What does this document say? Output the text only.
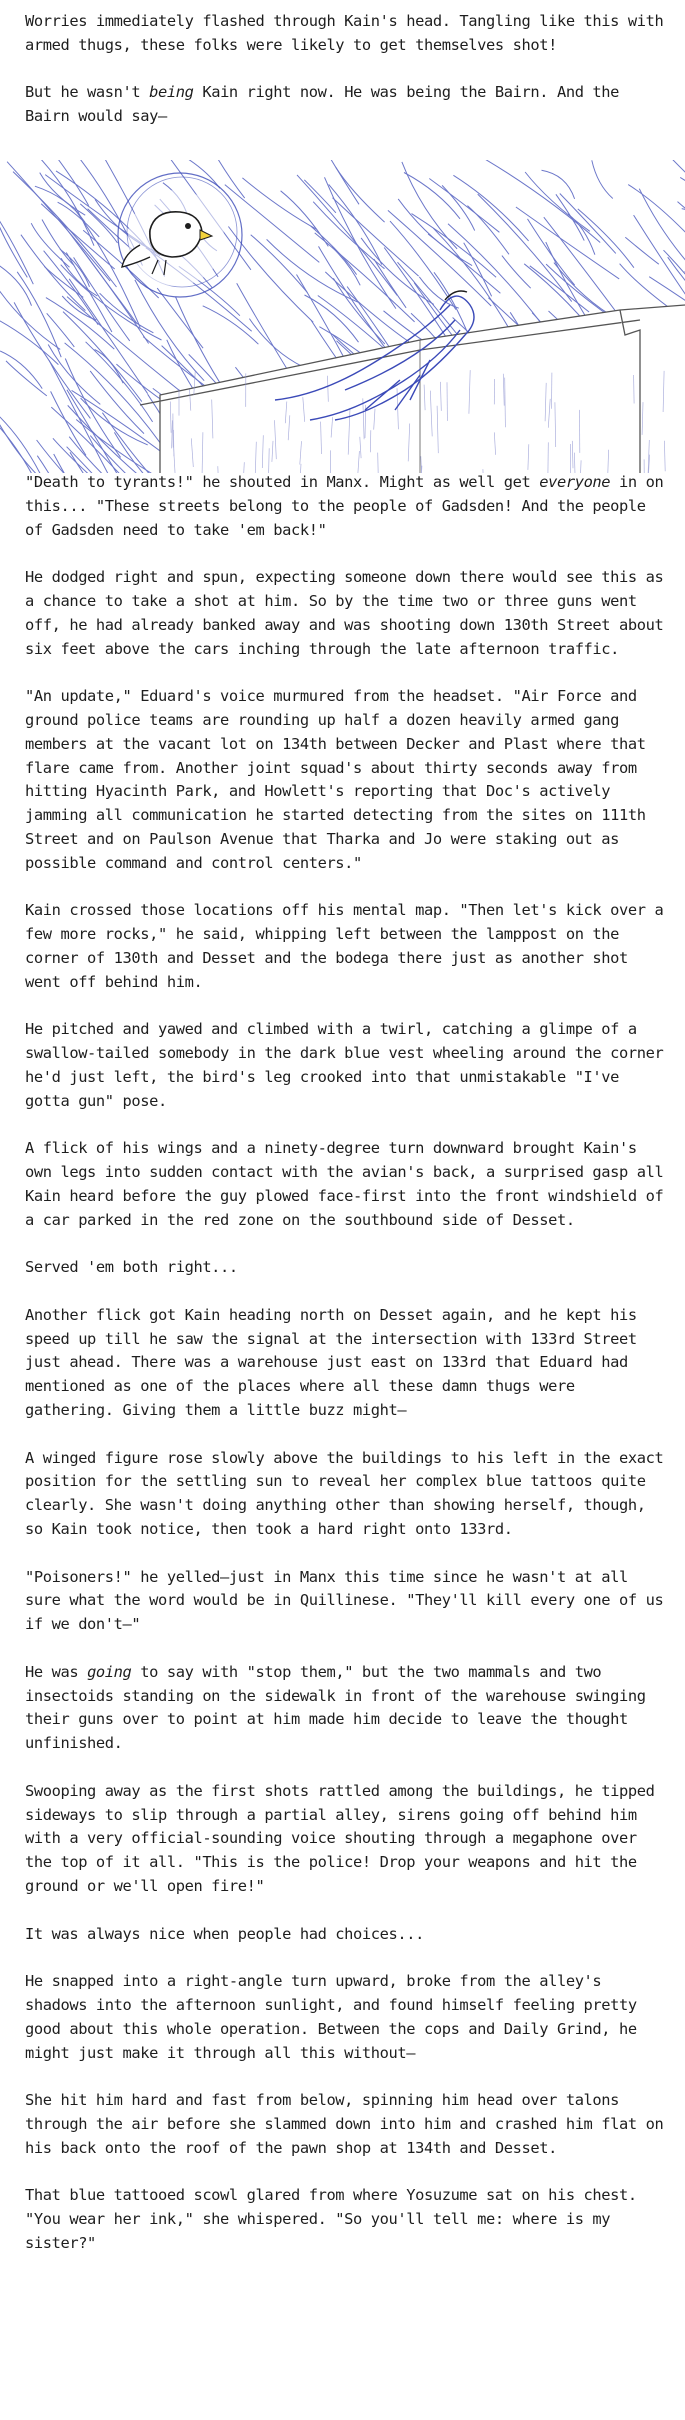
Worries immediately flashed through Kain's head. Tangling like this with armed thugs, these folks were likely to get themselves shot!

But he wasn't being Kain right now. He was being the Bairn. And the Bairn would say—

"Death to tyrants!" he shouted in Manx. Might as well get everyone in on this... "These streets belong to the people of Gadsden! And the people of Gadsden need to take 'em back!"

He dodged right and spun, expecting someone down there would see this as a chance to take a shot at him. So by the time two or three guns went off, he had already banked away and was shooting down 130th Street about six feet above the cars inching through the late afternoon traffic.

"An update," Eduard's voice murmured from the headset. "Air Force and ground police teams are rounding up half a dozen heavily armed gang members at the vacant lot on 134th between Decker and Plast where that flare came from. Another joint squad's about thirty seconds away from hitting Hyacinth Park, and Howlett's reporting that Doc's actively jamming all communication he started detecting from the sites on 111th Street and on Paulson Avenue that Tharka and Jo were staking out as possible command and control centers."

Kain crossed those locations off his mental map. "Then let's kick over a few more rocks," he said, whipping left between the lamppost on the corner of 130th and Desset and the bodega there just as another shot went off behind him.

He pitched and yawed and climbed with a twirl, catching a glimpe of a swallow-tailed somebody in the dark blue vest wheeling around the corner he'd just left, the bird's leg crooked into that unmistakable "I've gotta gun" pose.

A flick of his wings and a ninety-degree turn downward brought Kain's own legs into sudden contact with the avian's back, a surprised gasp all Kain heard before the guy plowed face-first into the front windshield of a car parked in the red zone on the southbound side of Desset.

Served 'em both right...

Another flick got Kain heading north on Desset again, and he kept his speed up till he saw the signal at the intersection with 133rd Street just ahead. There was a warehouse just east on 133rd that Eduard had mentioned as one of the places where all these damn thugs were gathering. Giving them a little buzz might—

A winged figure rose slowly above the buildings to his left in the exact position for the settling sun to reveal her complex blue tattoos quite clearly. She wasn't doing anything other than showing herself, though, so Kain took notice, then took a hard right onto 133rd.

"Poisoners!" he yelled—just in Manx this time since he wasn't at all sure what the word would be in Quillinese. "They'll kill every one of us if we don't—"

He was going to say with "stop them," but the two mammals and two insectoids standing on the sidewalk in front of the warehouse swinging their guns over to point at him made him decide to leave the thought unfinished.

Swooping away as the first shots rattled among the buildings, he tipped sideways to slip through a partial alley, sirens going off behind him with a very official-sounding voice shouting through a megaphone over the top of it all. "This is the police! Drop your weapons and hit the ground or we'll open fire!"

It was always nice when people had choices...

He snapped into a right-angle turn upward, broke from the alley's shadows into the afternoon sunlight, and found himself feeling pretty good about this whole operation. Between the cops and Daily Grind, he might just make it through all this without—

She hit him hard and fast from below, spinning him head over talons through the air before she slammed down into him and crashed him flat on his back onto the roof of the pawn shop at 134th and Desset.

That blue tattooed scowl glared from where Yosuzume sat on his chest. "You wear her ink," she whispered. "So you'll tell me: where is my sister?"
